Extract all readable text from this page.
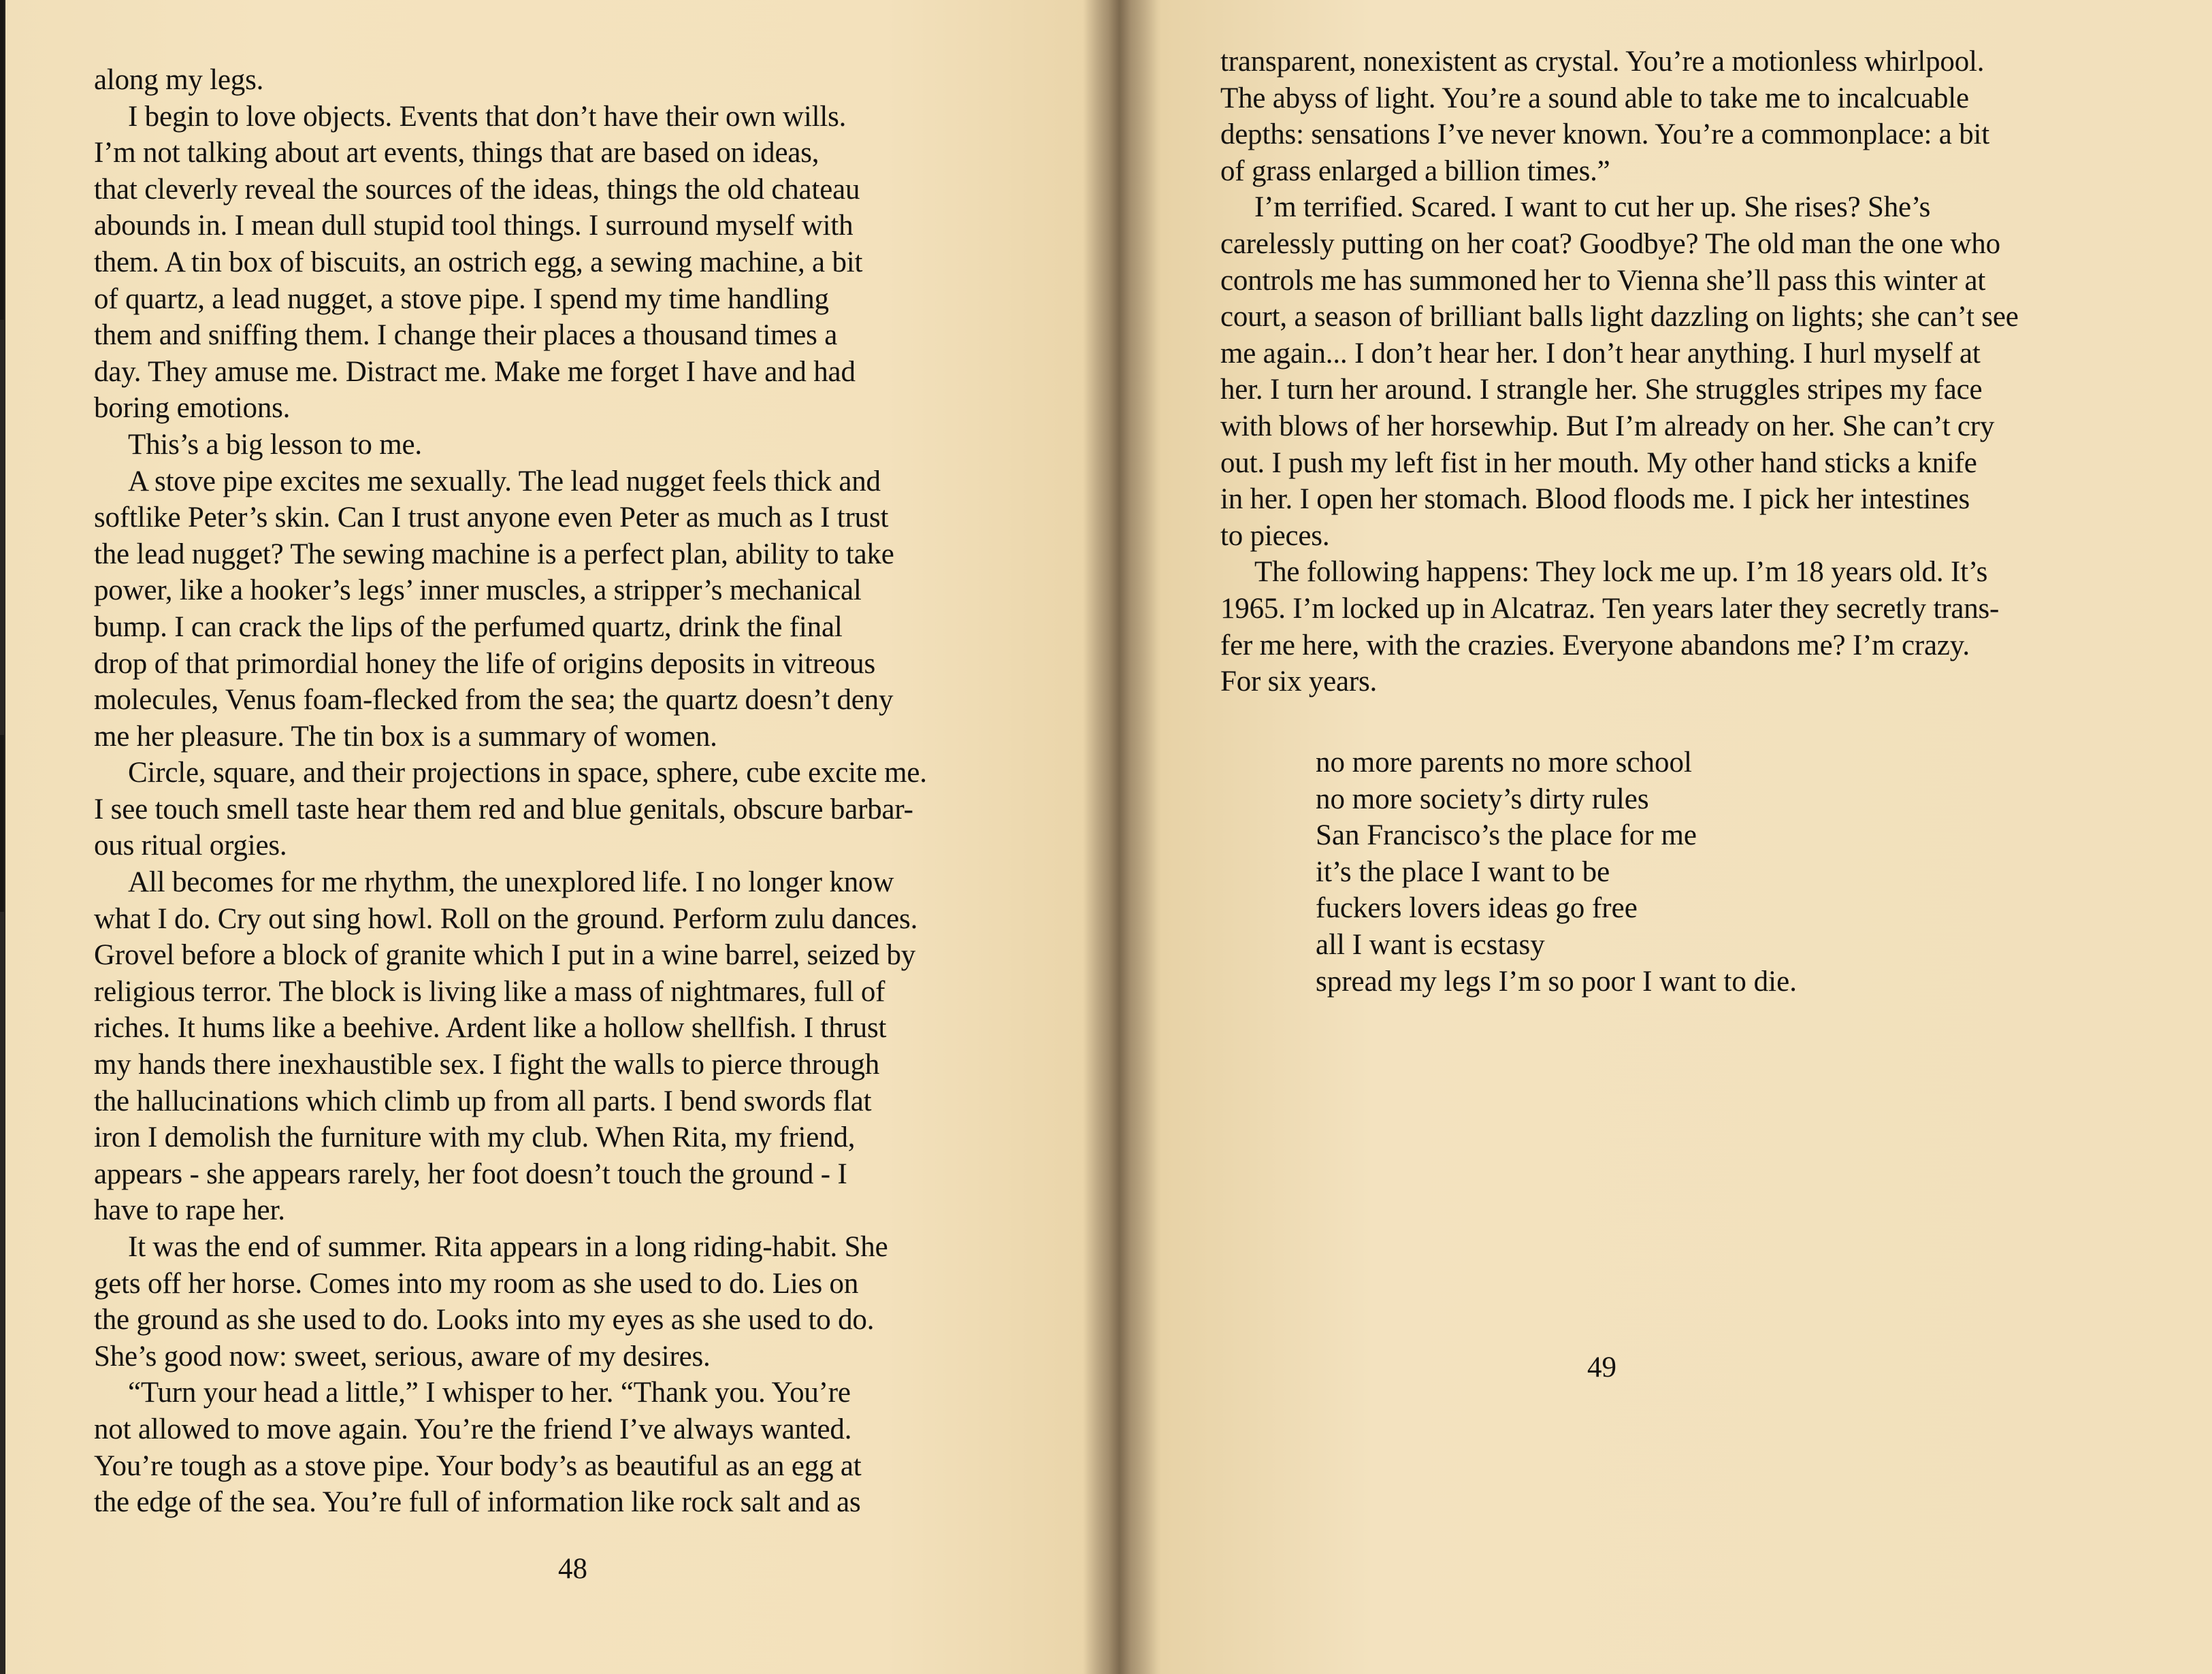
along my legs.
I begin to love objects. Events that don’t have their own wills.
I’m not talking about art events, things that are based on ideas,
that cleverly reveal the sources of the ideas, things the old chateau
abounds in. I mean dull stupid tool things. I surround myself with
them. A tin box of biscuits, an ostrich egg, a sewing machine, a bit
of quartz, a lead nugget, a stove pipe. I spend my time handling
them and sniffing them. I change their places a thousand times a
day. They amuse me. Distract me. Make me forget I have and had
boring emotions.
This’s a big lesson to me.
A stove pipe excites me sexually. The lead nugget feels thick and
softlike Peter’s skin. Can I trust anyone even Peter as much as I trust
the lead nugget? The sewing machine is a perfect plan, ability to take
power, like a hooker’s legs’ inner muscles, a stripper’s mechanical
bump. I can crack the lips of the perfumed quartz, drink the final
drop of that primordial honey the life of origins deposits in vitreous
molecules, Venus foam-flecked from the sea; the quartz doesn’t deny
me her pleasure. The tin box is a summary of women.
Circle, square, and their projections in space, sphere, cube excite me.
I see touch smell taste hear them red and blue genitals, obscure barbar-
ous ritual orgies.
All becomes for me rhythm, the unexplored life. I no longer know
what I do. Cry out sing howl. Roll on the ground. Perform zulu dances.
Grovel before a block of granite which I put in a wine barrel, seized by
religious terror. The block is living like a mass of nightmares, full of
riches. It hums like a beehive. Ardent like a hollow shellfish. I thrust
my hands there inexhaustible sex. I fight the walls to pierce through
the hallucinations which climb up from all parts. I bend swords flat
iron I demolish the furniture with my club. When Rita, my friend,
appears - she appears rarely, her foot doesn’t touch the ground - I
have to rape her.
It was the end of summer. Rita appears in a long riding-habit. She
gets off her horse. Comes into my room as she used to do. Lies on
the ground as she used to do. Looks into my eyes as she used to do.
She’s good now: sweet, serious, aware of my desires.
“Turn your head a little,” I whisper to her. “Thank you. You’re
not allowed to move again. You’re the friend I’ve always wanted.
You’re tough as a stove pipe. Your body’s as beautiful as an egg at
the edge of the sea. You’re full of information like rock salt and as
48
transparent, nonexistent as crystal. You’re a motionless whirlpool.
The abyss of light. You’re a sound able to take me to incalcuable
depths: sensations I’ve never known. You’re a commonplace: a bit
of grass enlarged a billion times.”
I’m terrified. Scared. I want to cut her up. She rises? She’s
carelessly putting on her coat? Goodbye? The old man the one who
controls me has summoned her to Vienna she’ll pass this winter at
court, a season of brilliant balls light dazzling on lights; she can’t see
me again... I don’t hear her. I don’t hear anything. I hurl myself at
her. I turn her around. I strangle her. She struggles stripes my face
with blows of her horsewhip. But I’m already on her. She can’t cry
out. I push my left fist in her mouth. My other hand sticks a knife
in her. I open her stomach. Blood floods me. I pick her intestines
to pieces.
The following happens: They lock me up. I’m 18 years old. It’s
1965. I’m locked up in Alcatraz. Ten years later they secretly trans-
fer me here, with the crazies. Everyone abandons me? I’m crazy.
For six years.
no more parents no more school
no more society’s dirty rules
San Francisco’s the place for me
it’s the place I want to be
fuckers lovers ideas go free
all I want is ecstasy
spread my legs I’m so poor I want to die.
49
